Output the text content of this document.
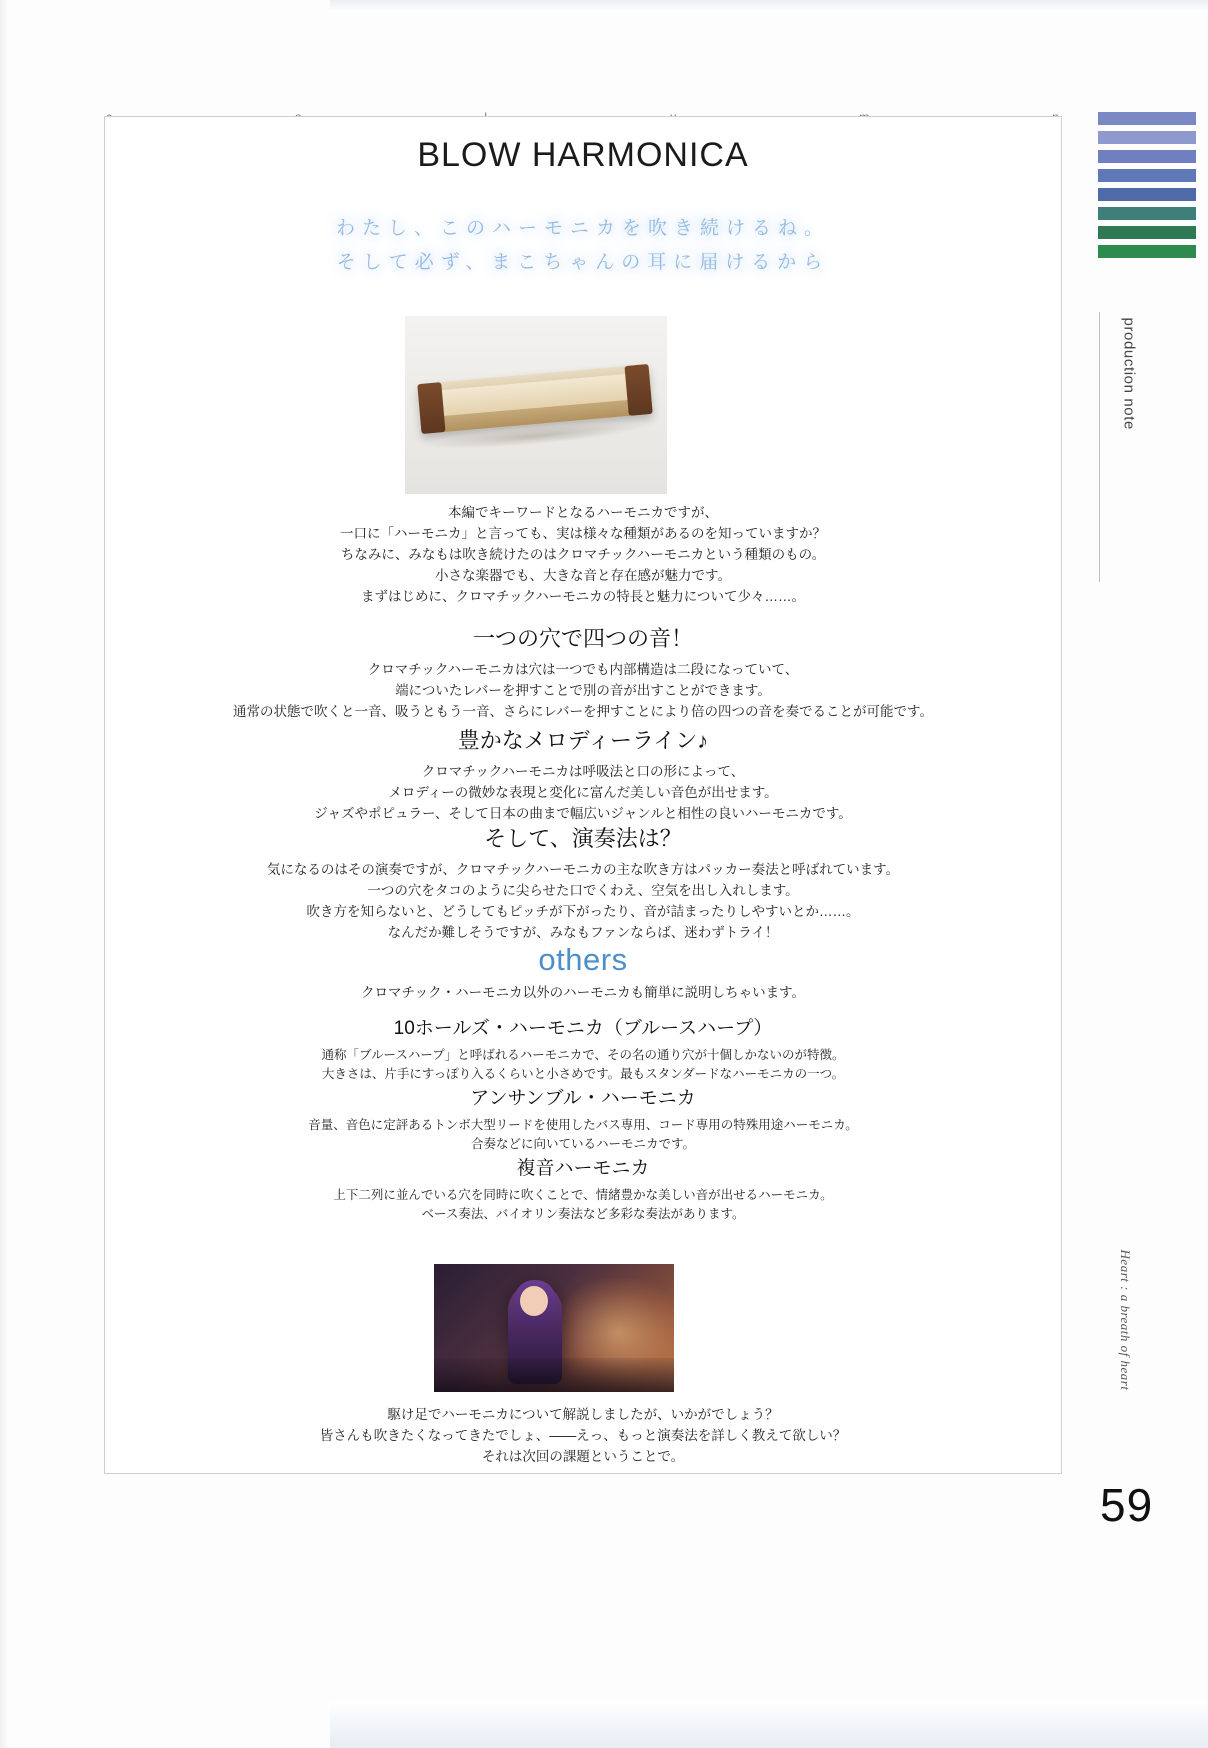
production note
Heart : a breath of heart
59
BLOW HARMONICA
わたし、このハーモニカを吹き続けるね。
そして必ず、まこちゃんの耳に届けるから
本編でキーワードとなるハーモニカですが、
一口に「ハーモニカ」と言っても、実は様々な種類があるのを知っていますか？
ちなみに、みなもは吹き続けたのはクロマチックハーモニカという種類のもの。
小さな楽器でも、大きな音と存在感が魅力です。
まずはじめに、クロマチックハーモニカの特長と魅力について少々……。
一つの穴で四つの音！
クロマチックハーモニカは穴は一つでも内部構造は二段になっていて、
端についたレバーを押すことで別の音が出すことができます。
通常の状態で吹くと一音、吸うともう一音、さらにレバーを押すことにより倍の四つの音を奏でることが可能です。
豊かなメロディーライン♪
クロマチックハーモニカは呼吸法と口の形によって、
メロディーの微妙な表現と変化に富んだ美しい音色が出せます。
ジャズやポピュラー、そして日本の曲まで幅広いジャンルと相性の良いハーモニカです。
そして、演奏法は？
気になるのはその演奏ですが、クロマチックハーモニカの主な吹き方はパッカー奏法と呼ばれています。
一つの穴をタコのように尖らせた口でくわえ、空気を出し入れします。
吹き方を知らないと、どうしてもピッチが下がったり、音が詰まったりしやすいとか……。
なんだか難しそうですが、みなもファンならば、迷わずトライ！
others
クロマチック・ハーモニカ以外のハーモニカも簡単に説明しちゃいます。
10ホールズ・ハーモニカ（ブルースハープ）
通称「ブルースハープ」と呼ばれるハーモニカで、その名の通り穴が十個しかないのが特徴。
大きさは、片手にすっぽり入るくらいと小さめです。最もスタンダードなハーモニカの一つ。
アンサンブル・ハーモニカ
音量、音色に定評あるトンボ大型リードを使用したバス専用、コード専用の特殊用途ハーモニカ。
合奏などに向いているハーモニカです。
複音ハーモニカ
上下二列に並んでいる穴を同時に吹くことで、情緒豊かな美しい音が出せるハーモニカ。
ベース奏法、バイオリン奏法など多彩な奏法があります。
駆け足でハーモニカについて解説しましたが、いかがでしょう？
皆さんも吹きたくなってきたでしょ、――えっ、もっと演奏法を詳しく教えて欲しい？
それは次回の課題ということで。
